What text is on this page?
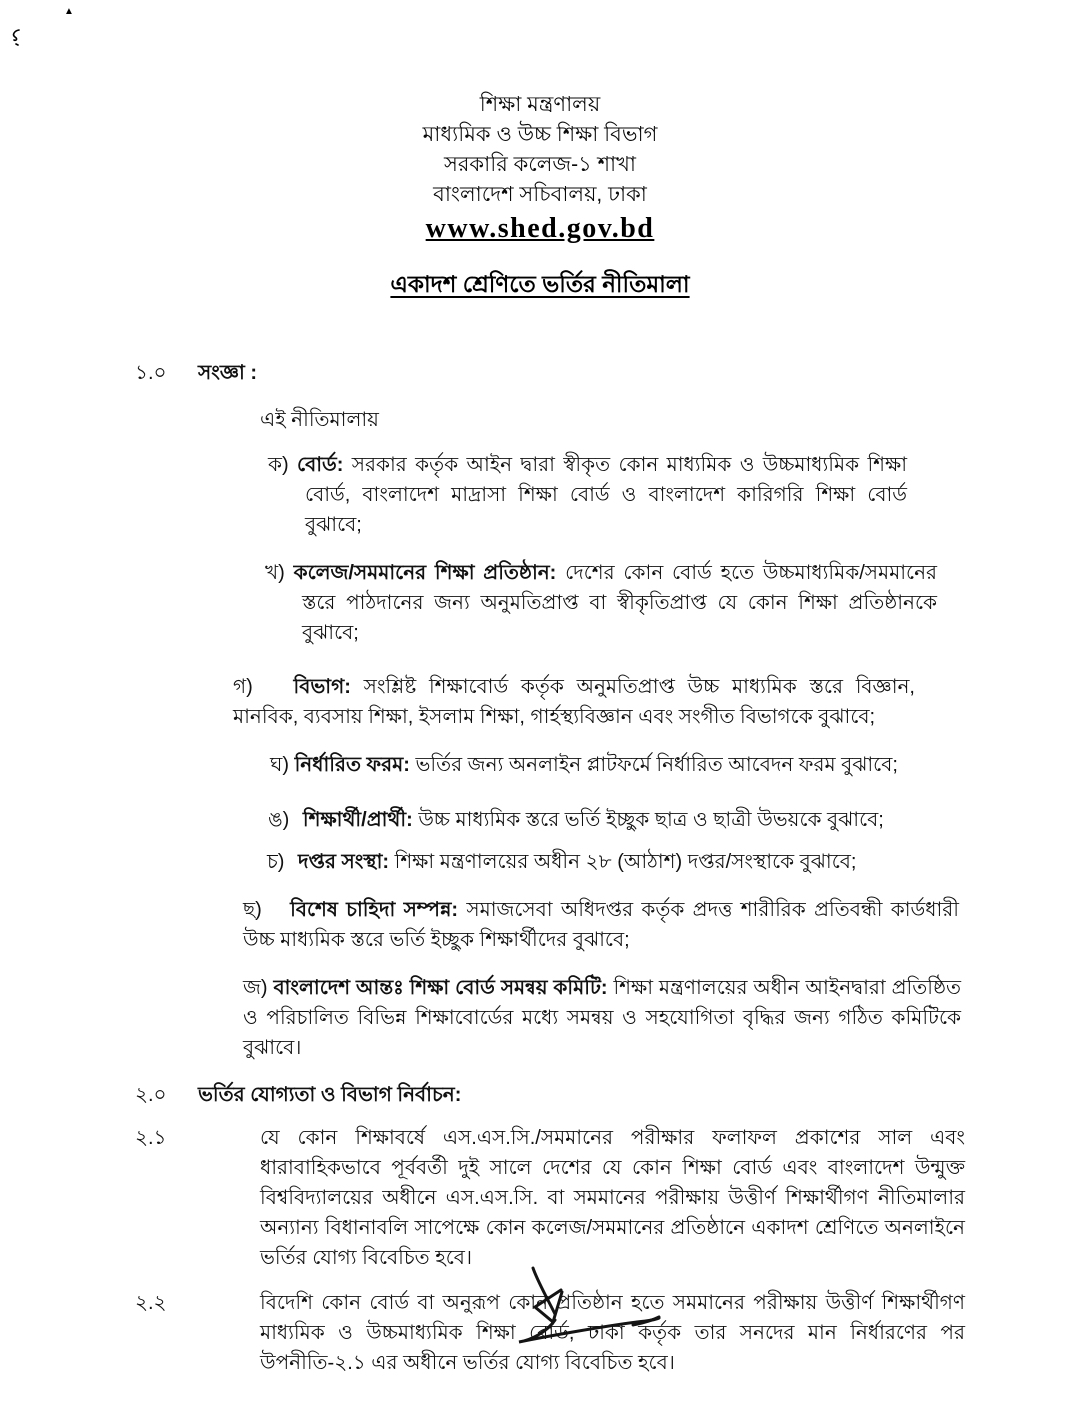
▲
শিক্ষা মন্ত্রণালয়
মাধ্যমিক ও উচ্চ শিক্ষা বিভাগ
সরকারি কলেজ-১ শাখা
বাংলাদেশ সচিবালয়, ঢাকা
www.shed.gov.bd
একাদশ শ্রেণিতে ভর্তির নীতিমালা
১.০	সংজ্ঞা :

এই নীতিমালায়

ক) বোর্ড: সরকার কর্তৃক আইন দ্বারা স্বীকৃত কোন মাধ্যমিক ও উচ্চমাধ্যমিক শিক্ষা বোর্ড, বাংলাদেশ মাদ্রাসা শিক্ষা বোর্ড ও বাংলাদেশ কারিগরি শিক্ষা বোর্ড বুঝাবে;

খ) কলেজ/সমমানের শিক্ষা প্রতিষ্ঠান: দেশের কোন বোর্ড হতে উচ্চমাধ্যমিক/সমমানের স্তরে পাঠদানের জন্য অনুমতিপ্রাপ্ত বা স্বীকৃতিপ্রাপ্ত যে কোন শিক্ষা প্রতিষ্ঠানকে বুঝাবে;

গ) বিভাগ: সংশ্লিষ্ট শিক্ষাবোর্ড কর্তৃক অনুমতিপ্রাপ্ত উচ্চ মাধ্যমিক স্তরে বিজ্ঞান, মানবিক, ব্যবসায় শিক্ষা, ইসলাম শিক্ষা, গার্হস্থ্যবিজ্ঞান এবং সংগীত বিভাগকে বুঝাবে;

ঘ) নির্ধারিত ফরম: ভর্তির জন্য অনলাইন প্লাটফর্মে নির্ধারিত আবেদন ফরম বুঝাবে;

ঙ) শিক্ষার্থী/প্রার্থী: উচ্চ মাধ্যমিক স্তরে ভর্তি ইচ্ছুক ছাত্র ও ছাত্রী উভয়কে বুঝাবে;

চ) দপ্তর সংস্থা: শিক্ষা মন্ত্রণালয়ের অধীন ২৮ (আঠাশ) দপ্তর/সংস্থাকে বুঝাবে;

ছ) বিশেষ চাহিদা সম্পন্ন: সমাজসেবা অধিদপ্তর কর্তৃক প্রদত্ত শারীরিক প্রতিবন্ধী কার্ডধারী উচ্চ মাধ্যমিক স্তরে ভর্তি ইচ্ছুক শিক্ষার্থীদের বুঝাবে;

জ) বাংলাদেশ আন্তঃ শিক্ষা বোর্ড সমন্বয় কমিটি: শিক্ষা মন্ত্রণালয়ের অধীন আইনদ্বারা প্রতিষ্ঠিত ও পরিচালিত বিভিন্ন শিক্ষাবোর্ডের মধ্যে সমন্বয় ও সহযোগিতা বৃদ্ধির জন্য গঠিত কমিটিকে বুঝাবে।

২.০	ভর্তির যোগ্যতা ও বিভাগ নির্বাচন:
২.১	যে কোন শিক্ষাবর্ষে এস.এস.সি./সমমানের পরীক্ষার ফলাফল প্রকাশের সাল এবং ধারাবাহিকভাবে পূর্ববর্তী দুই সালে দেশের যে কোন শিক্ষা বোর্ড এবং বাংলাদেশ উন্মুক্ত বিশ্ববিদ্যালয়ের অধীনে এস.এস.সি. বা সমমানের পরীক্ষায় উত্তীর্ণ শিক্ষার্থীগণ নীতিমালার অন্যান্য বিধানাবলি সাপেক্ষে কোন কলেজ/সমমানের প্রতিষ্ঠানে একাদশ শ্রেণিতে অনলাইনে ভর্তির যোগ্য বিবেচিত হবে।

২.২	বিদেশি কোন বোর্ড বা অনুরূপ কোন প্রতিষ্ঠান হতে সমমানের পরীক্ষায় উত্তীর্ণ শিক্ষার্থীগণ মাধ্যমিক ও উচ্চমাধ্যমিক শিক্ষা বোর্ড, ঢাকা কর্তৃক তার সনদের মান নির্ধারণের পর উপনীতি-২.১ এর অধীনে ভর্তির যোগ্য বিবেচিত হবে।
